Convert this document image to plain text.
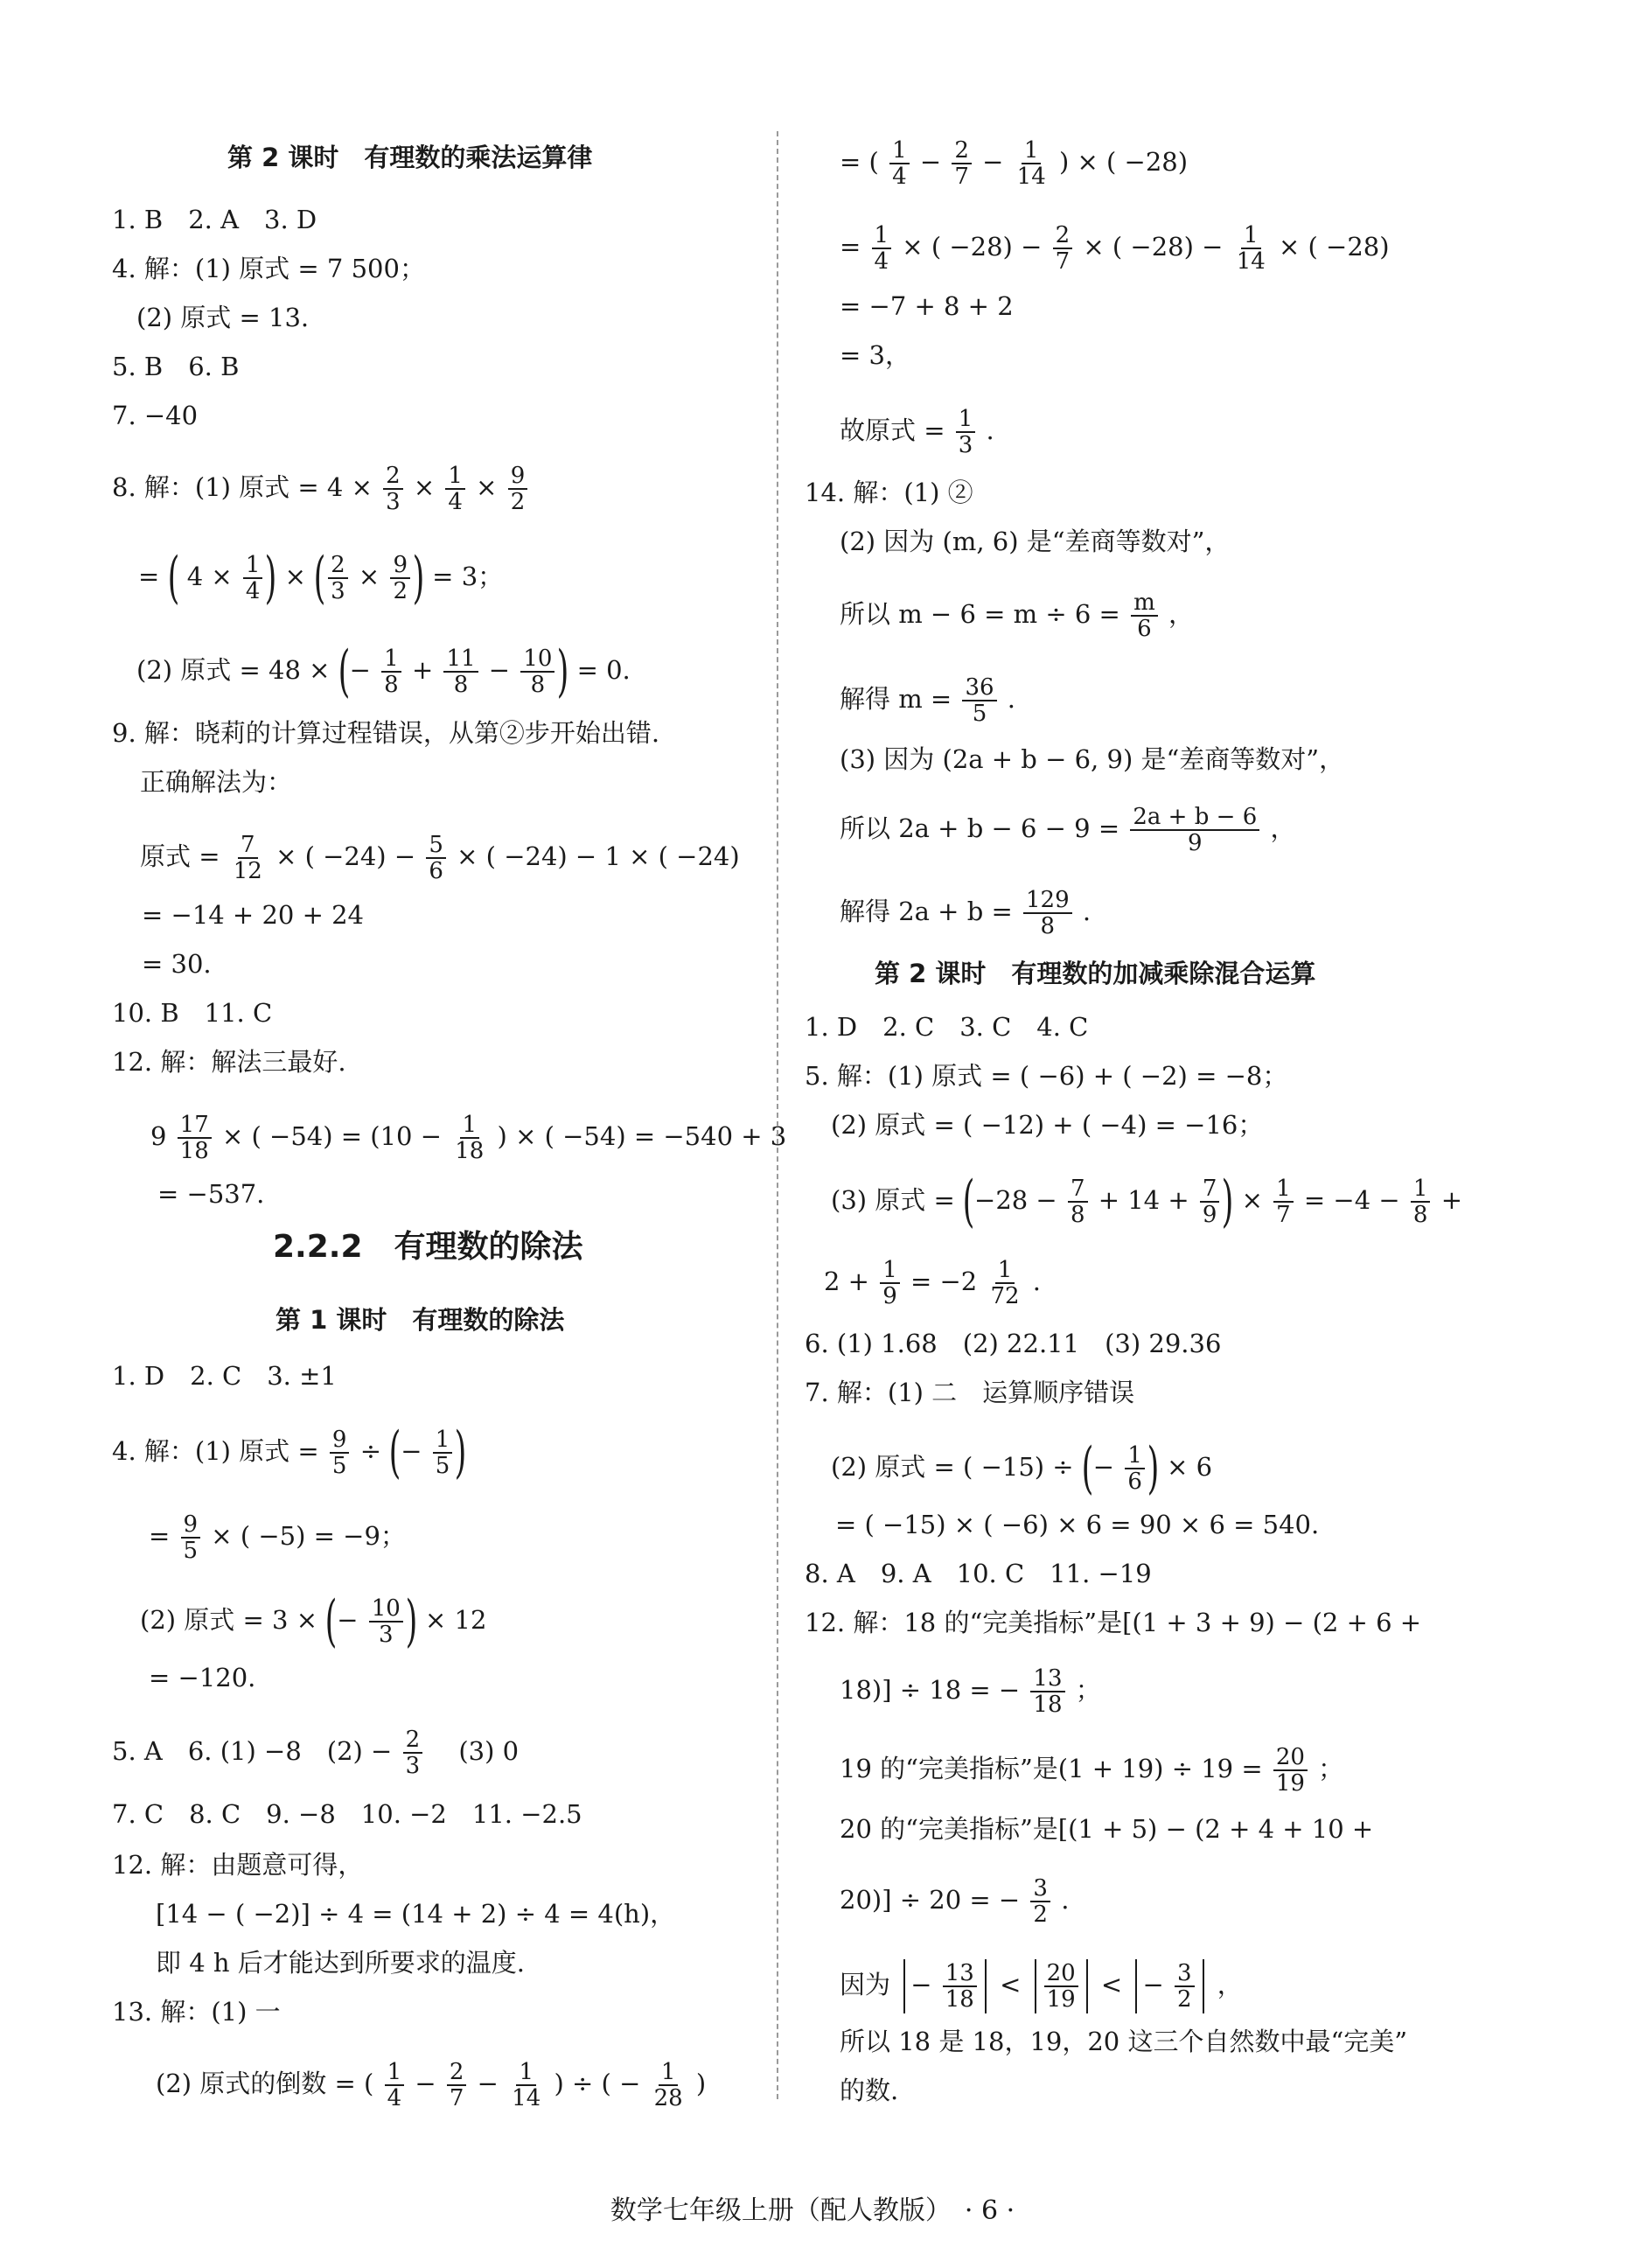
第 2 课时　有理数的乘法运算律
1. B　2. A　3. D
4. 解：(1) 原式 = 7 500；
(2) 原式 = 13.
5. B　6. B
7. −40
8. 解：(1) 原式 = $4 \times \frac{2}{3} \times \frac{1}{4} \times \frac{9}{2}$
= ( $4 \times \frac{1}{4}$ ) × ( $\frac{2}{3} \times \frac{9}{2}$ ) = 3；
(2) 原式 = 48 × (− $\frac{1}{8} + \frac{11}{8} - \frac{10}{8}$ ) = 0.
9. 解：晓莉的计算过程错误，从第②步开始出错.
正确解法为：
原式 = $\frac{7}{12}$ × ( $-24) - \frac{5}{6}$ × ( −24) − 1 × ( −24)
= −14 + 20 + 24
= 30.
10. B　11. C
12. 解：解法三最好.
$9 \frac{17}{18}$ × ( $-54) = (10 - \frac{1}{18}$ ) × ( −54) = −540 + 3
= −537.
2.2.2　有理数的除法
第 1 课时　有理数的除法
1. D　2. C　3. ±1
4. 解：(1) 原式 = $\frac{9}{5}$ ÷ (− $\frac{1}{5}$ )
= $\frac{9}{5}$ × ( −5) = −9；
(2) 原式 = 3 × (− $\frac{10}{3}$ ) × 12
= −120.
5. A　6. (1) −8　$(2) - \frac{2}{3}$ 　(3) 0
7. C　8. C　9. −8　10. −2　11. −2.5
12. 解：由题意可得，
[14 − ( −2)] ÷ 4 = (14 + 2) ÷ 4 = 4(h)，
即 4 h 后才能达到所要求的温度.
13. 解：(1) 一
(2) 原式的倒数 = ( $\frac{1}{4} - \frac{2}{7} - \frac{1}{14}$ ) ÷ ( − $\frac{1}{28}$ )
= ( $\frac{1}{4} - \frac{2}{7} - \frac{1}{14}$ ) × ( −28)
= $\frac{1}{4}$ × ( $-28) - \frac{2}{7}$ × ( $-28) - \frac{1}{14}$ × ( −28)
= −7 + 8 + 2
= 3，
故原式 = $\frac{1}{3}$ .
14. 解：(1) ②
(2) 因为 (m, 6) 是“差商等数对”，
所以 $m - 6 = m \div 6 = \frac{m}{6}$ ，
解得 $m = \frac{36}{5}$ .
(3) 因为 (2a + b − 6, 9) 是“差商等数对”，
所以 $2a + b - 6 - 9 = \frac{2a + b - 6}{9}$ ，
解得 $2a + b = \frac{129}{8}$ .
第 2 课时　有理数的加减乘除混合运算
1. D　2. C　3. C　4. C
5. 解：(1) 原式 = ( −6) + ( −2) = −8；
(2) 原式 = ( −12) + ( −4) = −16；
(3) 原式 = ($-28 - \frac{7}{8} + 14 + \frac{7}{9}$ ) × $\frac{1}{7} = -4 - \frac{1}{8}$ +
$2 + \frac{1}{9} = -2 \frac{1}{72}$ .
6. (1) 1.68　(2) 22.11　(3) 29.36
7. 解：(1) 二　运算顺序错误
(2) 原式 = ( −15) ÷ (− $\frac{1}{6}$ ) × 6
= ( −15) × ( −6) × 6 = 90 × 6 = 540.
8. A　9. A　10. C　11. −19
12. 解：18 的“完美指标”是[(1 + 3 + 9) − (2 + 6 +
18)] ÷ 18 = − $\frac{13}{18}$ ；
19 的“完美指标”是$(1 + 19) \div 19 = \frac{20}{19}$ ；
20 的“完美指标”是[(1 + 5) − (2 + 4 + 10 +
20)] ÷ 20 = − $\frac{3}{2}$ .
因为 − $\frac{13}{18} < \frac{20}{19}$ < − $\frac{3}{2}$ ，
所以 18 是 18，19，20 这三个自然数中最“完美”
的数.
数学七年级上册（配人教版）　· 6 ·
